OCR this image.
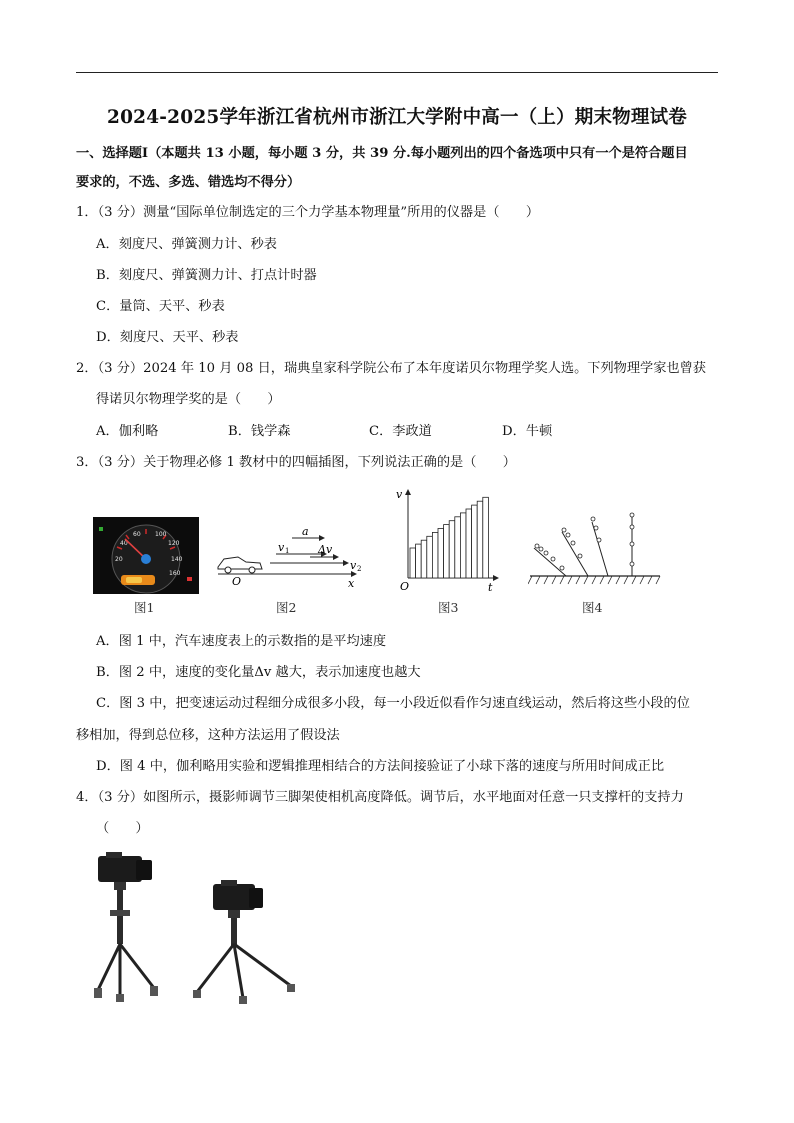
2024-2025学年浙江省杭州市浙江大学附中高一（上）期末物理试卷
一、选择题Ⅰ（本题共 13 小题，每小题 3 分，共 39 分.每小题列出的四个备选项中只有一个是符合题目
要求的，不选、多选、错选均不得分）
1．（3 分）测量“国际单位制选定的三个力学基本物理量”所用的仪器是（　　）
A．刻度尺、弹簧测力计、秒表
B．刻度尺、弹簧测力计、打点计时器
C．量筒、天平、秒表
D．刻度尺、天平、秒表
2．（3 分）2024 年 10 月 08 日，瑞典皇家科学院公布了本年度诺贝尔物理学奖人选。下列物理学家也曾获
得诺贝尔物理学奖的是（　　）
A．伽利略	B．钱学森	C．李政道	D．牛顿
3．（3 分）关于物理必修 1 教材中的四幅插图，下列说法正确的是（　　）
20
40
60 100
120
140
160
图1
a
v 1	Δv
v 2
O	x
图2
v
O	t
图3	图4
A．图 1 中，汽车速度表上的示数指的是平均速度
B．图 2 中，速度的变化量Δv 越大，表示加速度也越大
C．图 3 中，把变速运动过程细分成很多小段，每一小段近似看作匀速直线运动，然后将这些小段的位
移相加，得到总位移，这种方法运用了假设法
D．图 4 中，伽利略用实验和逻辑推理相结合的方法间接验证了小球下落的速度与所用时间成正比
4．（3 分）如图所示，摄影师调节三脚架使相机高度降低。调节后，水平地面对任意一只支撑杆的支持力
（　　）
